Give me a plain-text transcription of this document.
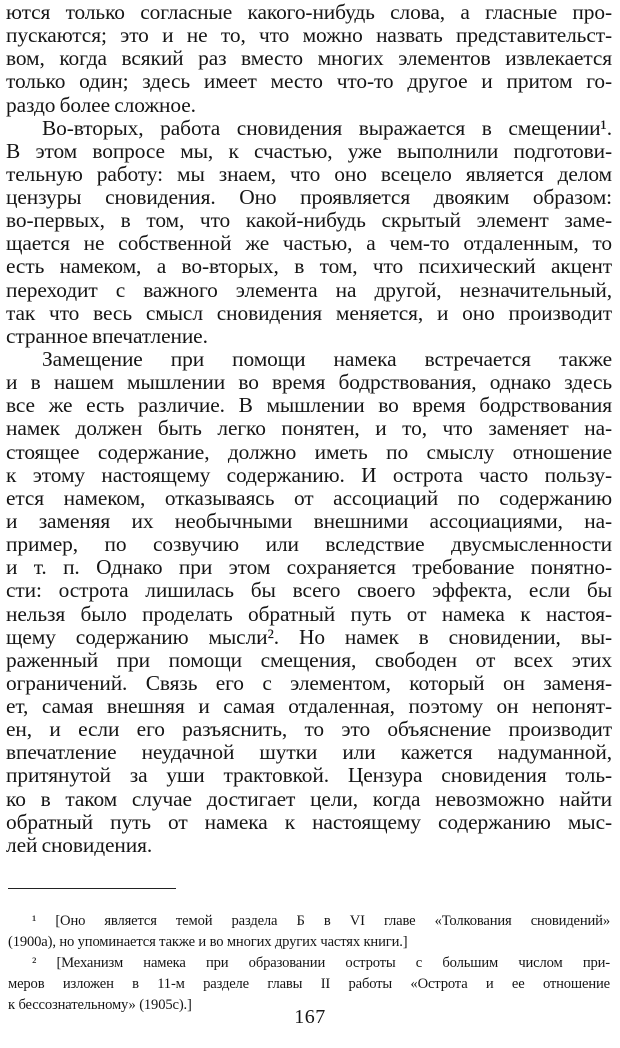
ются только согласные какого-нибудь слова, а гласные про-

пускаются; это и не то, что можно назвать представительст-

вом, когда всякий раз вместо многих элементов извлекается

только один; здесь имеет место что-то другое и притом го-

раздо более сложное.

Во-вторых, работа сновидения выражается в смещении¹.

В этом вопросе мы, к счастью, уже выполнили подготови-

тельную работу: мы знаем, что оно всецело является делом

цензуры сновидения. Оно проявляется двояким образом:

во-первых, в том, что какой-нибудь скрытый элемент заме-

щается не собственной же частью, а чем-то отдаленным, то

есть намеком, а во-вторых, в том, что психический акцент

переходит с важного элемента на другой, незначительный,

так что весь смысл сновидения меняется, и оно производит

странное впечатление.

Замещение при помощи намека встречается также

и в нашем мышлении во время бодрствования, однако здесь

все же есть различие. В мышлении во время бодрствования

намек должен быть легко понятен, и то, что заменяет на-

стоящее содержание, должно иметь по смыслу отношение

к этому настоящему содержанию. И острота часто пользу-

ется намеком, отказываясь от ассоциаций по содержанию

и заменяя их необычными внешними ассоциациями, на-

пример, по созвучию или вследствие двусмысленности

и т. п. Однако при этом сохраняется требование понятно-

сти: острота лишилась бы всего своего эффекта, если бы

нельзя было проделать обратный путь от намека к настоя-

щему содержанию мысли². Но намек в сновидении, вы-

раженный при помощи смещения, свободен от всех этих

ограничений. Связь его с элементом, который он заменя-

ет, самая внешняя и самая отдаленная, поэтому он непонят-

ен, и если его разъяснить, то это объяснение производит

впечатление неудачной шутки или кажется надуманной,

притянутой за уши трактовкой. Цензура сновидения толь-

¹ [Оно является темой раздела Б в VI главе «Толкования сновидений»

(1900а), но упоминается также и во многих других частях книги.]

² [Механизм намека при образовании остроты с большим числом при-

меров изложен в 11-м разделе главы II работы «Острота и ее отношение

к бессознательному» (1905с).]

167

ко в таком случае достигает цели, когда невозможно найти

обратный путь от намека к настоящему содержанию мыс-

лей сновидения.
